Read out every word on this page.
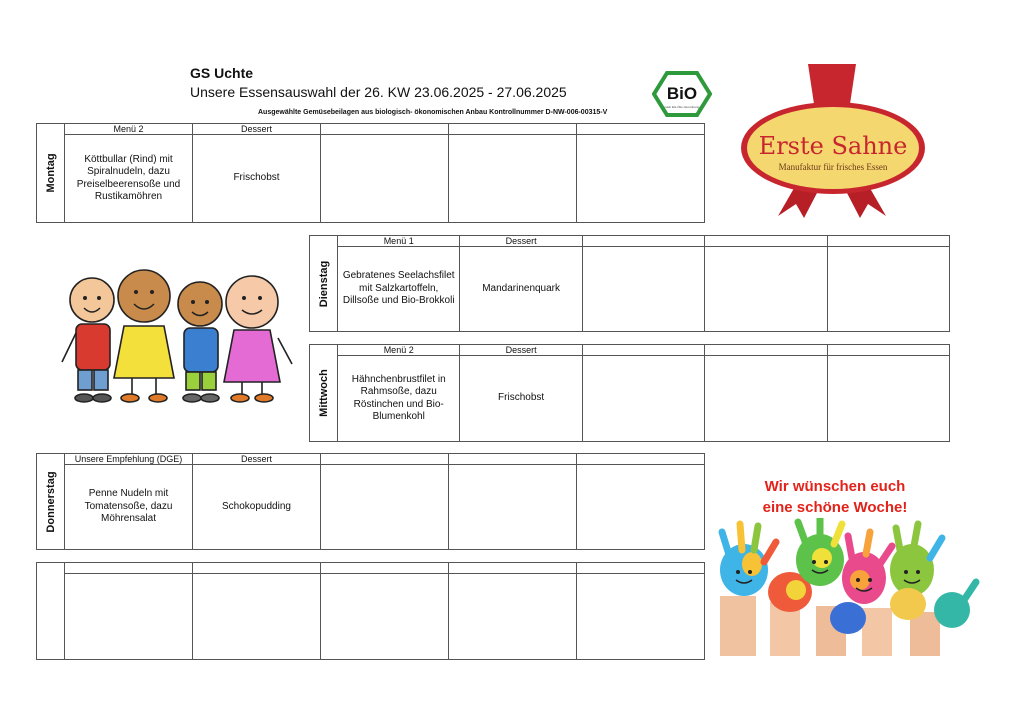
GS Uchte
Unsere Essensauswahl der 26. KW 23.06.2025 - 27.06.2025
Ausgewählte Gemüsebeilagen aus biologisch- ökonomischen Anbau Kontrollnummer D-NW-006-00315-V
BiO
nach EG-Öko-Verordnung
Erste Sahne
Manufaktur für frisches Essen
Montag
Menü 2
Köttbullar (Rind) mit Spiralnudeln, dazu Preiselbeerensoße und Rustikamöhren
Dessert
Frischobst
Dienstag
Menü 1
Gebratenes Seelachsfilet mit Salzkartoffeln, Dillsoße und Bio-Brokkoli
Dessert
Mandarinenquark
Mittwoch
Menü 2
Hähnchenbrustfilet in Rahmsoße, dazu Röstinchen und Bio-Blumenkohl
Dessert
Frischobst
Donnerstag
Unsere Empfehlung (DGE)
Penne Nudeln mit Tomatensoße, dazu Möhrensalat
Dessert
Schokopudding
Wir wünschen euch
eine schöne Woche!
